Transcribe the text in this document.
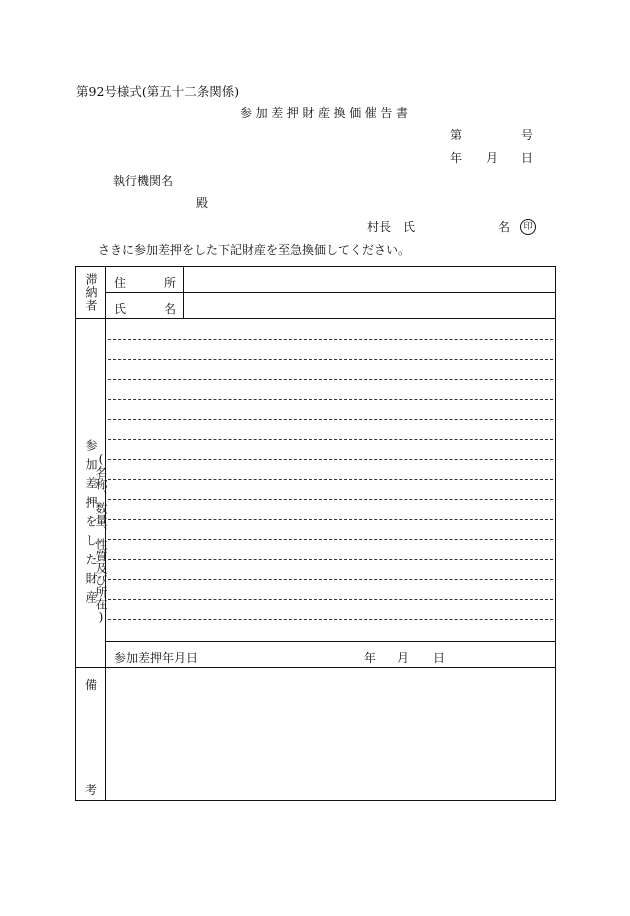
第92号様式(第五十二条関係)
参加差押財産換価催告書
第	号
年 月 日
執行機関名
殿
村長　氏	名	印
さきに参加差押をした下記財産を至急換価してください。
滞納者	住 所	

	氏 名	

参加差押をした財産
(名称、数量、性質及び所在)		

	参加差押年月日 年 月 日	

備
考		
